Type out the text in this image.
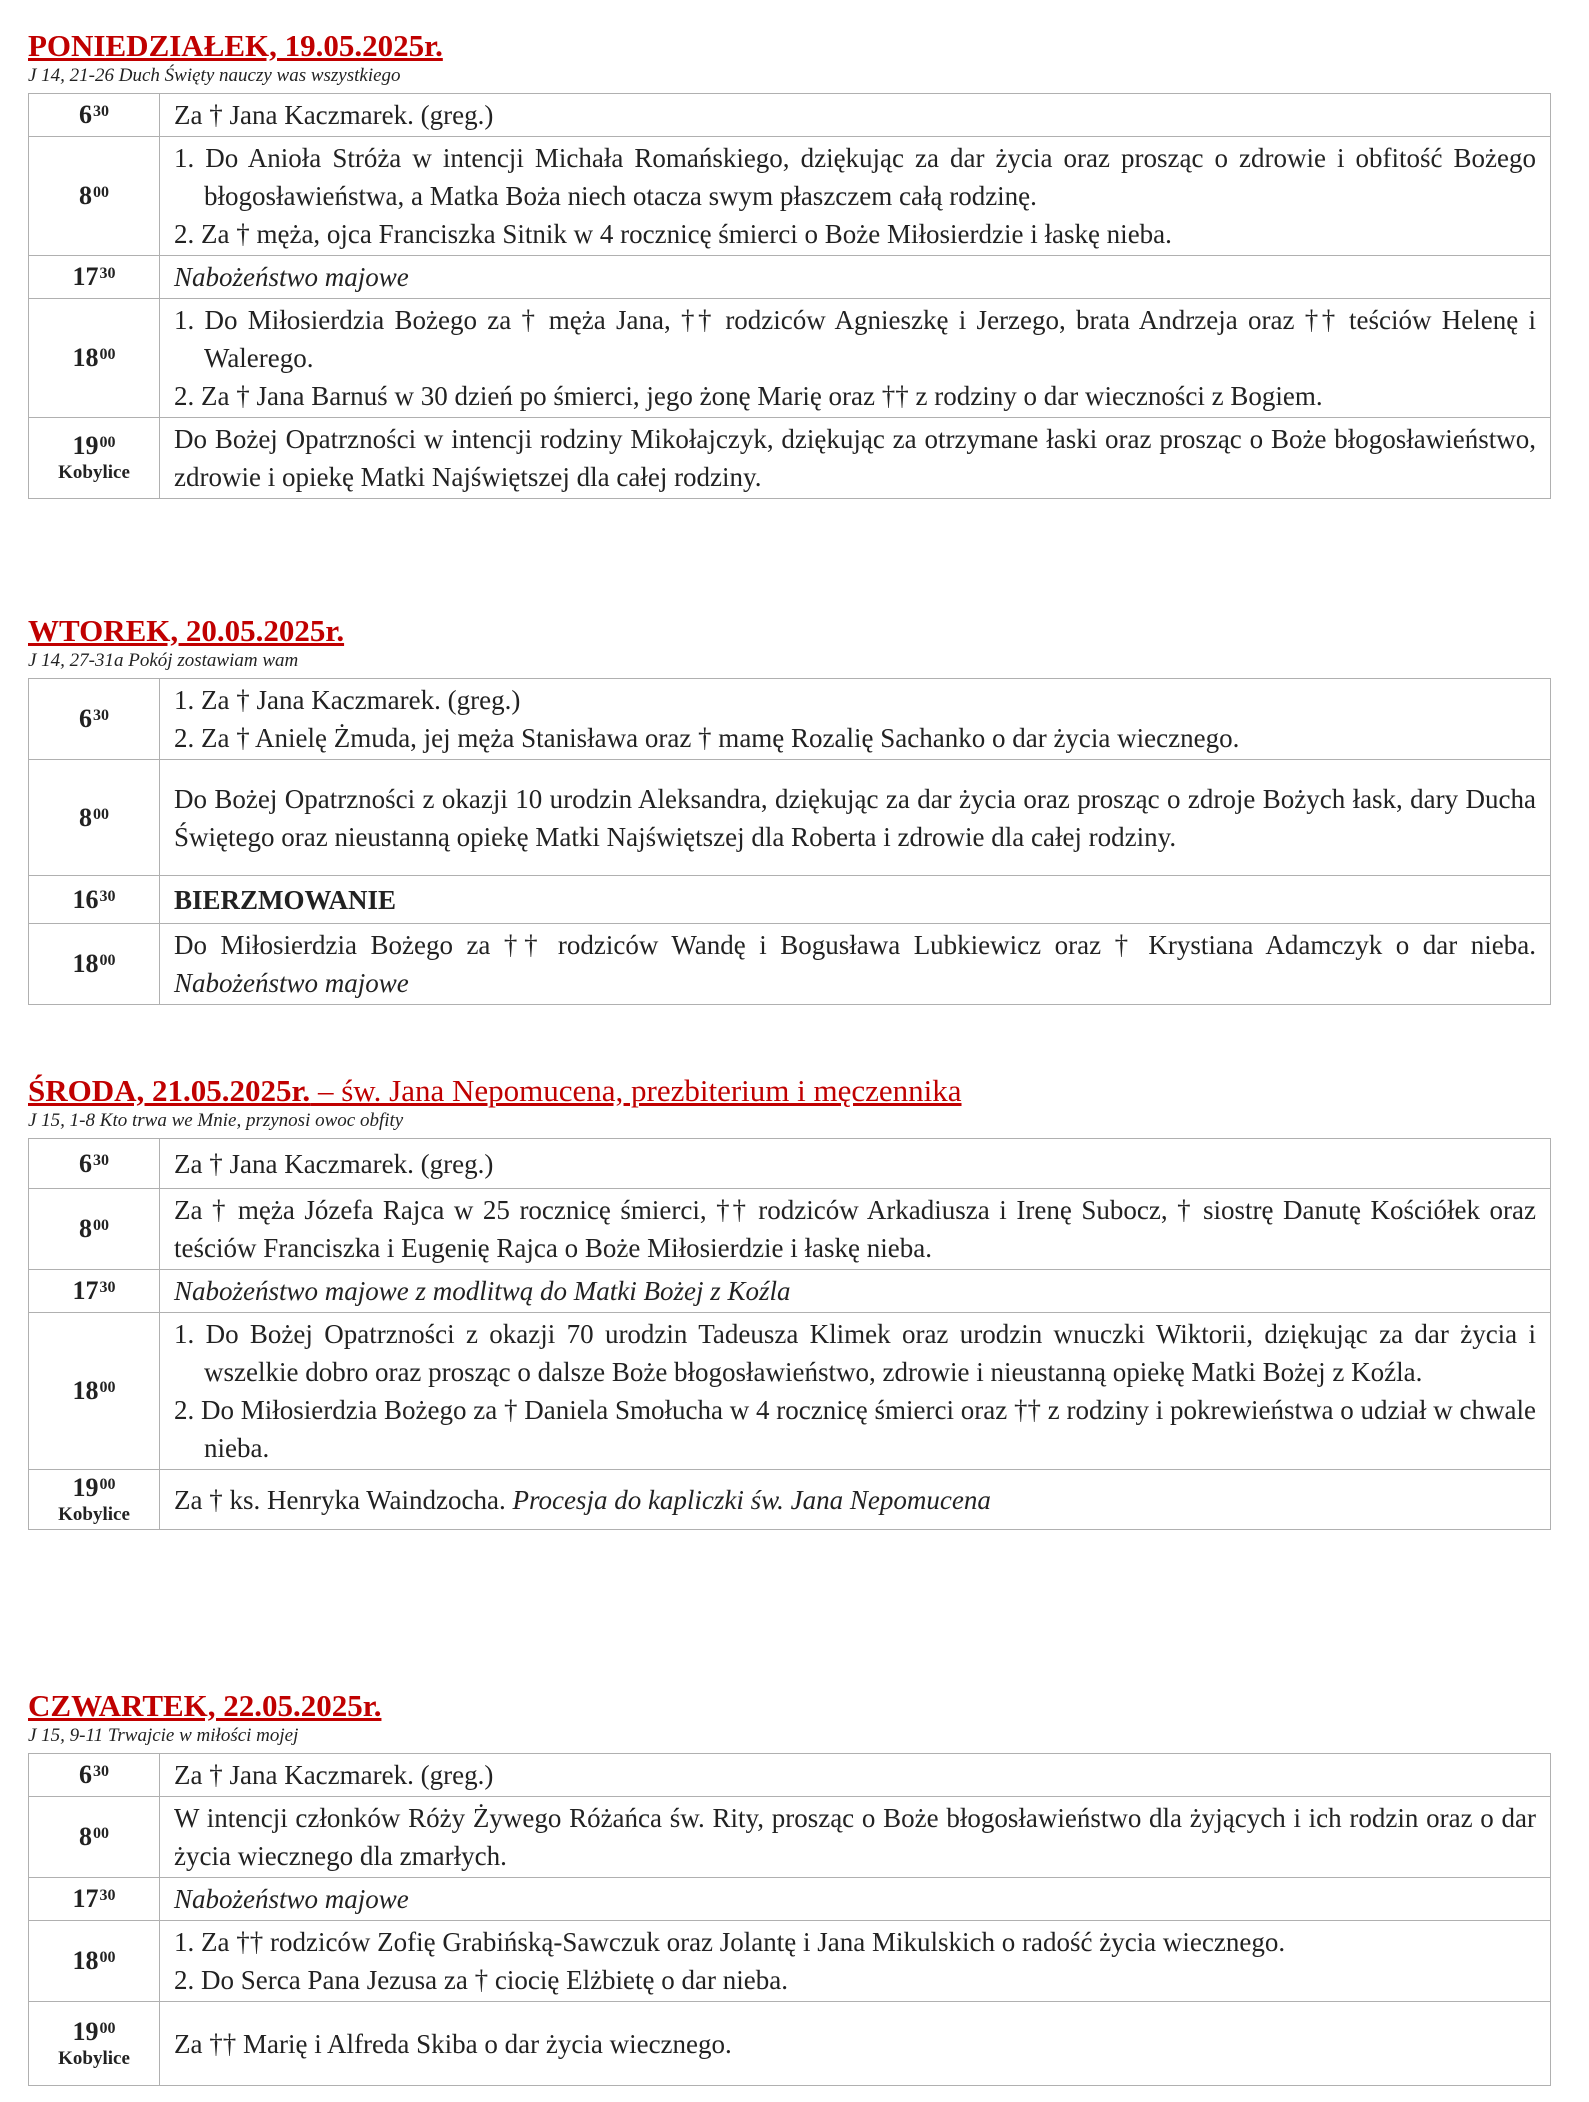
PONIEDZIAŁEK, 19.05.2025r.
J 14, 21-26 Duch Święty nauczy was wszystkiego
$6^{30}$	Za † Jana Kaczmarek. (greg.)

$8^{00}$	1. Do Anioła Stróża w intencji Michała Romańskiego, dziękując za dar życia oraz prosząc o zdrowie i obfitość Bożego błogosławieństwa, a Matka Boża niech otacza swym płaszczem całą rodzinę.
2. Za † męża, ojca Franciszka Sitnik w 4 rocznicę śmierci o Boże Miłosierdzie i łaskę nieba.

$17^{30}$	Nabożeństwo majowe

$18^{00}$	1. Do Miłosierdzia Bożego za † męża Jana, †† rodziców Agnieszkę i Jerzego, brata Andrzeja oraz †† teściów Helenę i Walerego.
2. Za † Jana Barnuś w 30 dzień po śmierci, jego żonę Marię oraz †† z rodziny o dar wieczności z Bogiem.

$19^{00}$
Kobylice	Do Bożej Opatrzności w intencji rodziny Mikołajczyk, dziękując za otrzymane łaski oraz prosząc o Boże błogosławieństwo, zdrowie i opiekę Matki Najświętszej dla całej rodziny.
WTOREK, 20.05.2025r.
J 14, 27-31a Pokój zostawiam wam
$6^{30}$	1. Za † Jana Kaczmarek. (greg.)
2. Za † Anielę Żmuda, jej męża Stanisława oraz † mamę Rozalię Sachanko o dar życia wiecznego.

$8^{00}$	Do Bożej Opatrzności z okazji 10 urodzin Aleksandra, dziękując za dar życia oraz prosząc o zdroje Bożych łask, dary Ducha Świętego oraz nieustanną opiekę Matki Najświętszej dla Roberta i zdrowie dla całej rodziny.

$16^{30}$	BIERZMOWANIE

$18^{00}$	Do Miłosierdzia Bożego za †† rodziców Wandę i Bogusława Lubkiewicz oraz † Krystiana Adamczyk o dar nieba. Nabożeństwo majowe
ŚRODA, 21.05.2025r. – św. Jana Nepomucena, prezbiterium i męczennika
J 15, 1-8 Kto trwa we Mnie, przynosi owoc obfity
$6^{30}$	Za † Jana Kaczmarek. (greg.)

$8^{00}$	Za † męża Józefa Rajca w 25 rocznicę śmierci, †† rodziców Arkadiusza i Irenę Subocz, † siostrę Danutę Kościółek oraz teściów Franciszka i Eugenię Rajca o Boże Miłosierdzie i łaskę nieba.

$17^{30}$	Nabożeństwo majowe z modlitwą do Matki Bożej z Koźla

$18^{00}$	1. Do Bożej Opatrzności z okazji 70 urodzin Tadeusza Klimek oraz urodzin wnuczki Wiktorii, dziękując za dar życia i wszelkie dobro oraz prosząc o dalsze Boże błogosławieństwo, zdrowie i nieustanną opiekę Matki Bożej z Koźla.
2. Do Miłosierdzia Bożego za † Daniela Smołucha w 4 rocznicę śmierci oraz †† z rodziny i pokrewieństwa o udział w chwale nieba.

$19^{00}$
Kobylice	Za † ks. Henryka Waindzocha. Procesja do kapliczki św. Jana Nepomucena
CZWARTEK, 22.05.2025r.
J 15, 9-11 Trwajcie w miłości mojej
$6^{30}$	Za † Jana Kaczmarek. (greg.)

$8^{00}$	W intencji członków Róży Żywego Różańca św. Rity, prosząc o Boże błogosławieństwo dla żyjących i ich rodzin oraz o dar życia wiecznego dla zmarłych.

$17^{30}$	Nabożeństwo majowe

$18^{00}$	1. Za †† rodziców Zofię Grabińską-Sawczuk oraz Jolantę i Jana Mikulskich o radość życia wiecznego.
2. Do Serca Pana Jezusa za † ciocię Elżbietę o dar nieba.

$19^{00}$
Kobylice	Za †† Marię i Alfreda Skiba o dar życia wiecznego.
